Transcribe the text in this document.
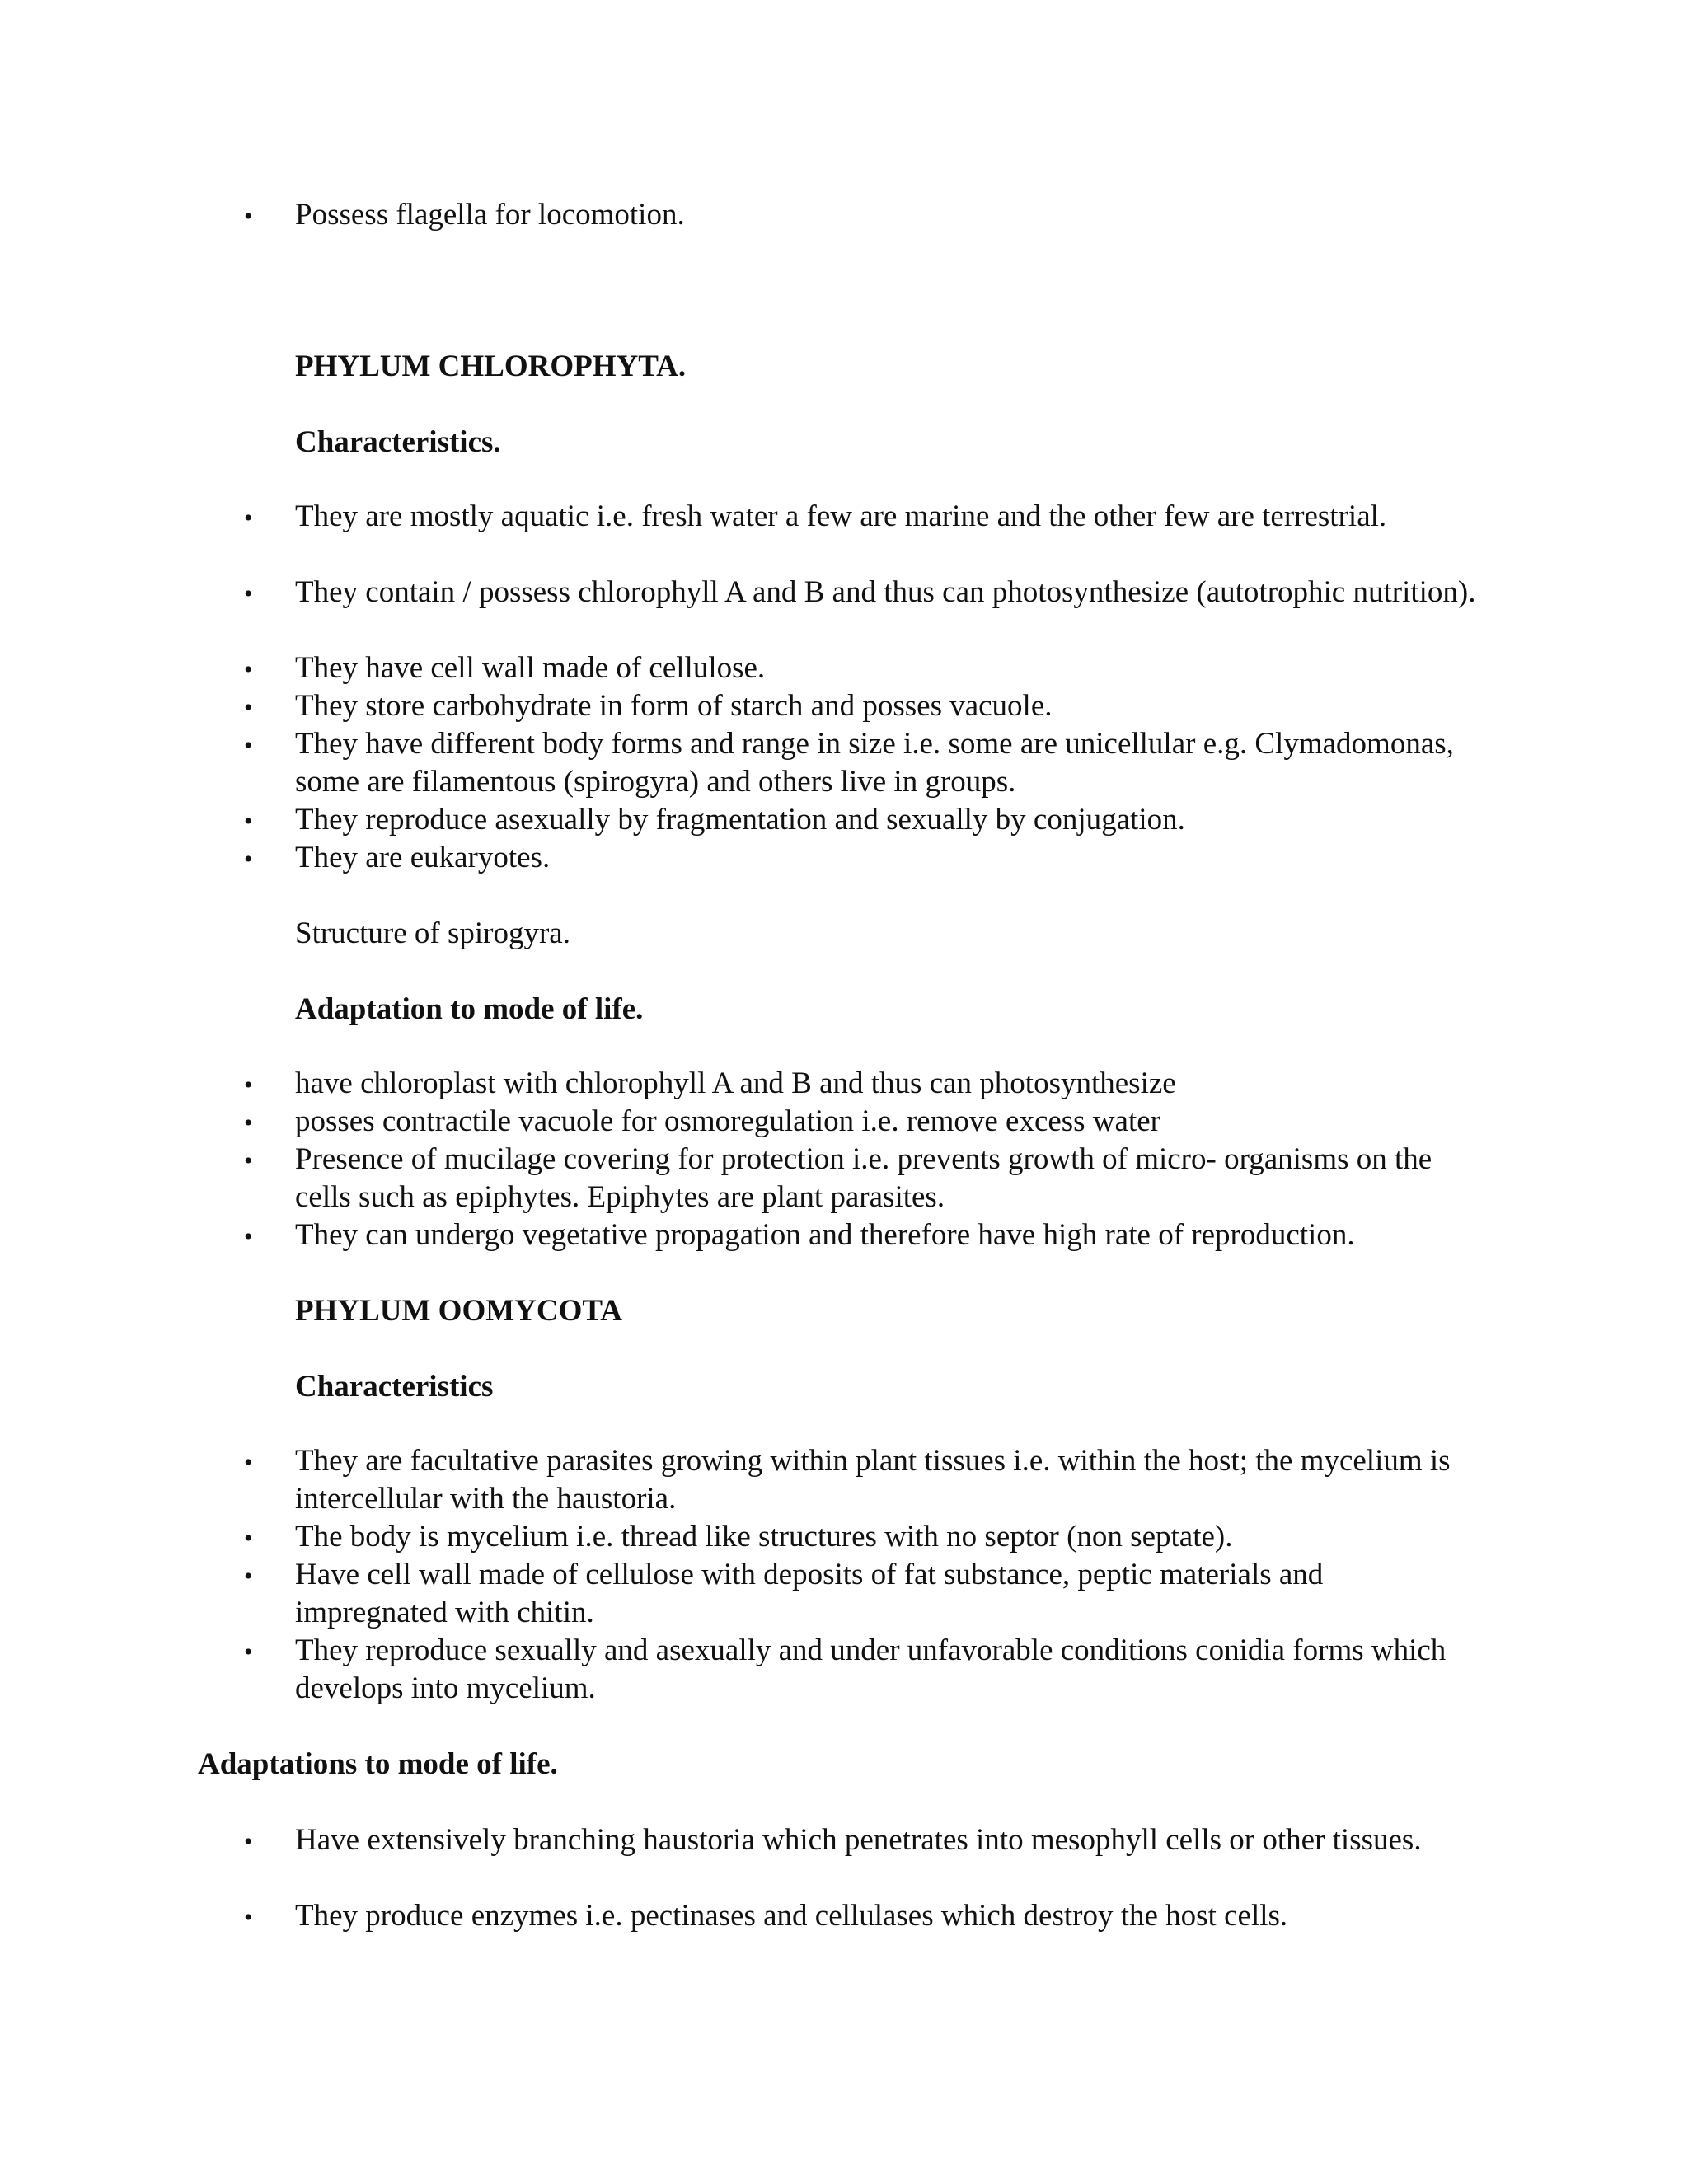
• Possess flagella for locomotion.
PHYLUM CHLOROPHYTA.
Characteristics.
• They are mostly aquatic i.e. fresh water a few are marine and the other few are terrestrial.
• They contain / possess chlorophyll A and B and thus can photosynthesize (autotrophic nutrition).
• They have cell wall made of cellulose.
• They store carbohydrate in form of starch and posses vacuole.
• They have different body forms and range in size i.e. some are unicellular e.g. Clymadomonas, some are filamentous (spirogyra) and others live in groups.
• They reproduce asexually by fragmentation and sexually by conjugation.
• They are eukaryotes.
Structure of spirogyra.
Adaptation to mode of life.
• have chloroplast with chlorophyll A and B and thus can photosynthesize
• posses contractile vacuole for osmoregulation i.e. remove excess water
• Presence of mucilage covering for protection i.e. prevents growth of micro- organisms on the cells such as epiphytes. Epiphytes are plant parasites.
• They can undergo vegetative propagation and therefore have high rate of reproduction.
PHYLUM OOMYCOTA
Characteristics
• They are facultative parasites growing within plant tissues i.e. within the host; the mycelium is intercellular with the haustoria.
• The body is mycelium i.e. thread like structures with no septor (non septate).
• Have cell wall made of cellulose with deposits of fat substance, peptic materials and impregnated with chitin.
• They reproduce sexually and asexually and under unfavorable conditions conidia forms which develops into mycelium.
Adaptations to mode of life.
• Have extensively branching haustoria which penetrates into mesophyll cells or other tissues.
• They produce enzymes i.e. pectinases and cellulases which destroy the host cells.
